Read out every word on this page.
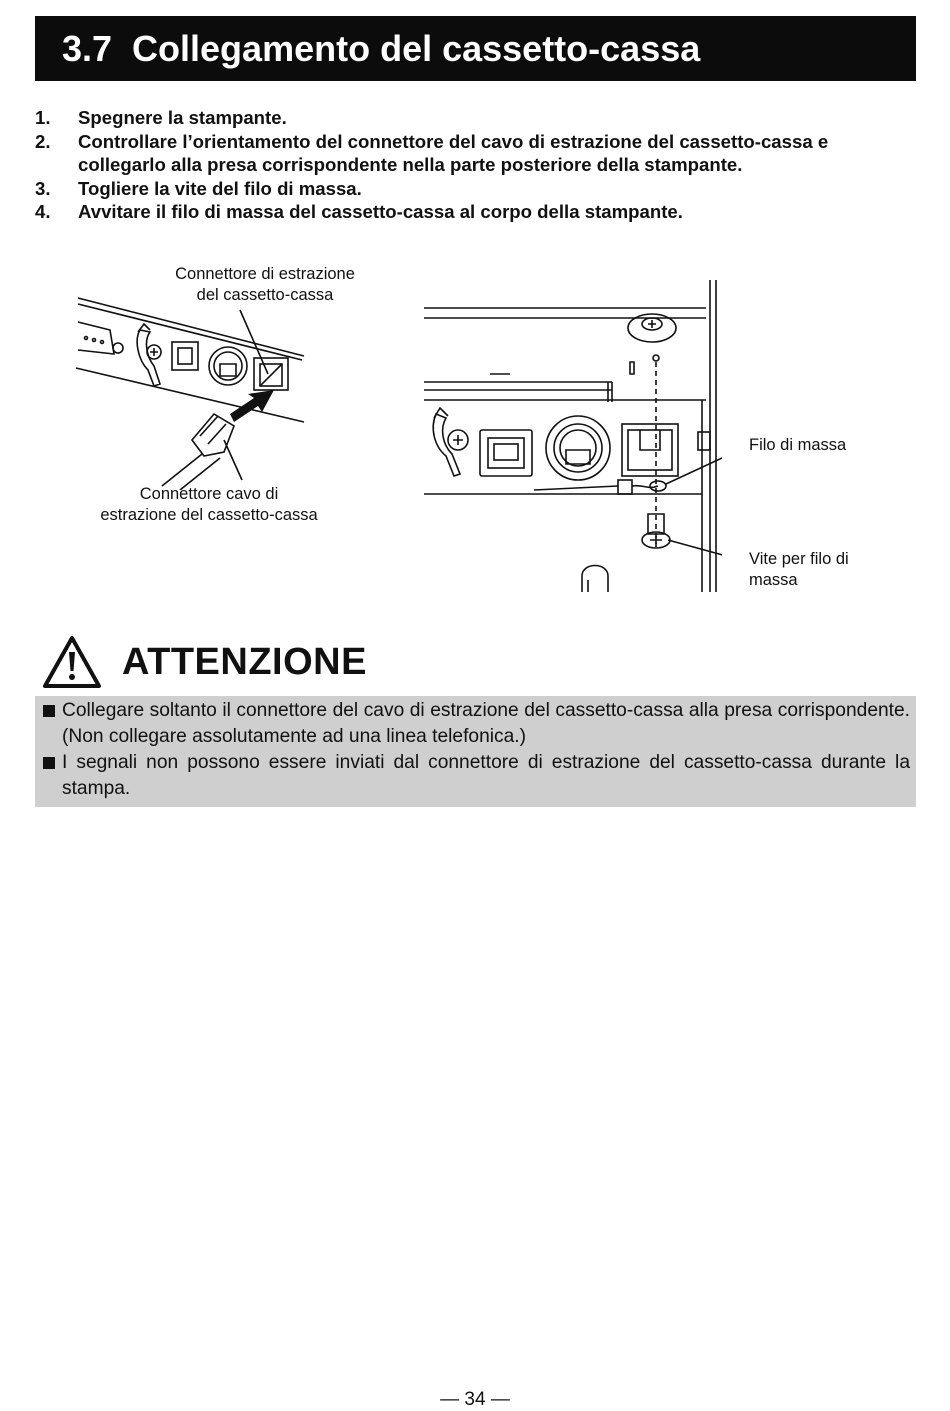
3.7 Collegamento del cassetto-cassa
1. Spegnere la stampante.
2. Controllare l’orientamento del connettore del cavo di estrazione del cassetto-cassa e collegarlo alla presa corrispondente nella parte posteriore della stampante.
3. Togliere la vite del filo di massa.
4. Avvitare il filo di massa del cassetto-cassa al corpo della stampante.
Connettore di estrazione
del cassetto-cassa
Connettore cavo di
estrazione del cassetto-cassa
Filo di massa
Vite per filo di
massa
ATTENZIONE
Collegare soltanto il connettore del cavo di estrazione del cassetto-cassa alla presa corrispondente. (Non collegare assolutamente ad una linea telefonica.)
I segnali non possono essere inviati dal connettore di estrazione del cassetto-cassa durante la stampa.
— 34 —
